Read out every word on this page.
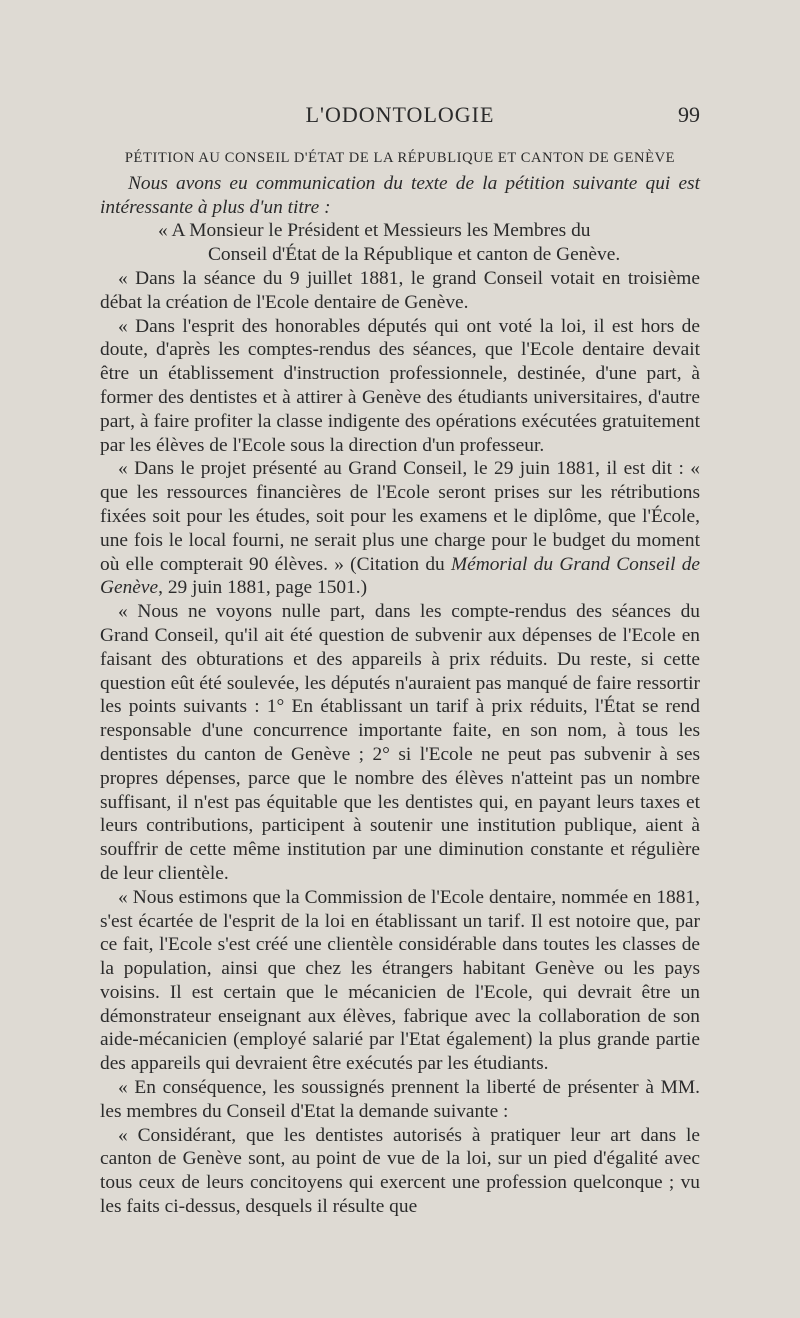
L'ODONTOLOGIE	99
PÉTITION AU CONSEIL D'ÉTAT DE LA RÉPUBLIQUE ET CANTON DE GENÈVE

Nous avons eu communication du texte de la pétition suivante qui est intéressante à plus d'un titre :

« A Monsieur le Président et Messieurs les Membres du
Conseil d'État de la République et canton de Genève.

« Dans la séance du 9 juillet 1881, le grand Conseil votait en troisième débat la création de l'Ecole dentaire de Genève.

« Dans l'esprit des honorables députés qui ont voté la loi, il est hors de doute, d'après les comptes-rendus des séances, que l'Ecole dentaire devait être un établissement d'instruction professionnele, destinée, d'une part, à former des dentistes et à attirer à Genève des étudiants universitaires, d'autre part, à faire profiter la classe indigente des opérations exécutées gratuitement par les élèves de l'Ecole sous la direction d'un professeur.

« Dans le projet présenté au Grand Conseil, le 29 juin 1881, il est dit : « que les ressources financières de l'Ecole seront prises sur les rétributions fixées soit pour les études, soit pour les examens et le diplôme, que l'École, une fois le local fourni, ne serait plus une charge pour le budget du moment où elle compterait 90 élèves. » (Citation du Mémorial du Grand Conseil de Genève, 29 juin 1881, page 1501.)

« Nous ne voyons nulle part, dans les compte-rendus des séances du Grand Conseil, qu'il ait été question de subvenir aux dépenses de l'Ecole en faisant des obturations et des appareils à prix réduits. Du reste, si cette question eût été soulevée, les députés n'auraient pas manqué de faire ressortir les points suivants : 1° En établissant un tarif à prix réduits, l'État se rend responsable d'une concurrence importante faite, en son nom, à tous les dentistes du canton de Genève ; 2° si l'Ecole ne peut pas subvenir à ses propres dépenses, parce que le nombre des élèves n'atteint pas un nombre suffisant, il n'est pas équitable que les dentistes qui, en payant leurs taxes et leurs contributions, participent à soutenir une institution publique, aient à souffrir de cette même institution par une diminution constante et régulière de leur clientèle.

« Nous estimons que la Commission de l'Ecole dentaire, nommée en 1881, s'est écartée de l'esprit de la loi en établissant un tarif. Il est notoire que, par ce fait, l'Ecole s'est créé une clientèle considérable dans toutes les classes de la population, ainsi que chez les étrangers habitant Genève ou les pays voisins. Il est certain que le mécanicien de l'Ecole, qui devrait être un démonstrateur enseignant aux élèves, fabrique avec la collaboration de son aide-mécanicien (employé salarié par l'Etat également) la plus grande partie des appareils qui devraient être exécutés par les étudiants.

« En conséquence, les soussignés prennent la liberté de présenter à MM. les membres du Conseil d'Etat la demande suivante :

« Considérant, que les dentistes autorisés à pratiquer leur art dans le canton de Genève sont, au point de vue de la loi, sur un pied d'égalité avec tous ceux de leurs concitoyens qui exercent une profession quelconque ; vu les faits ci-dessus, desquels il résulte que
